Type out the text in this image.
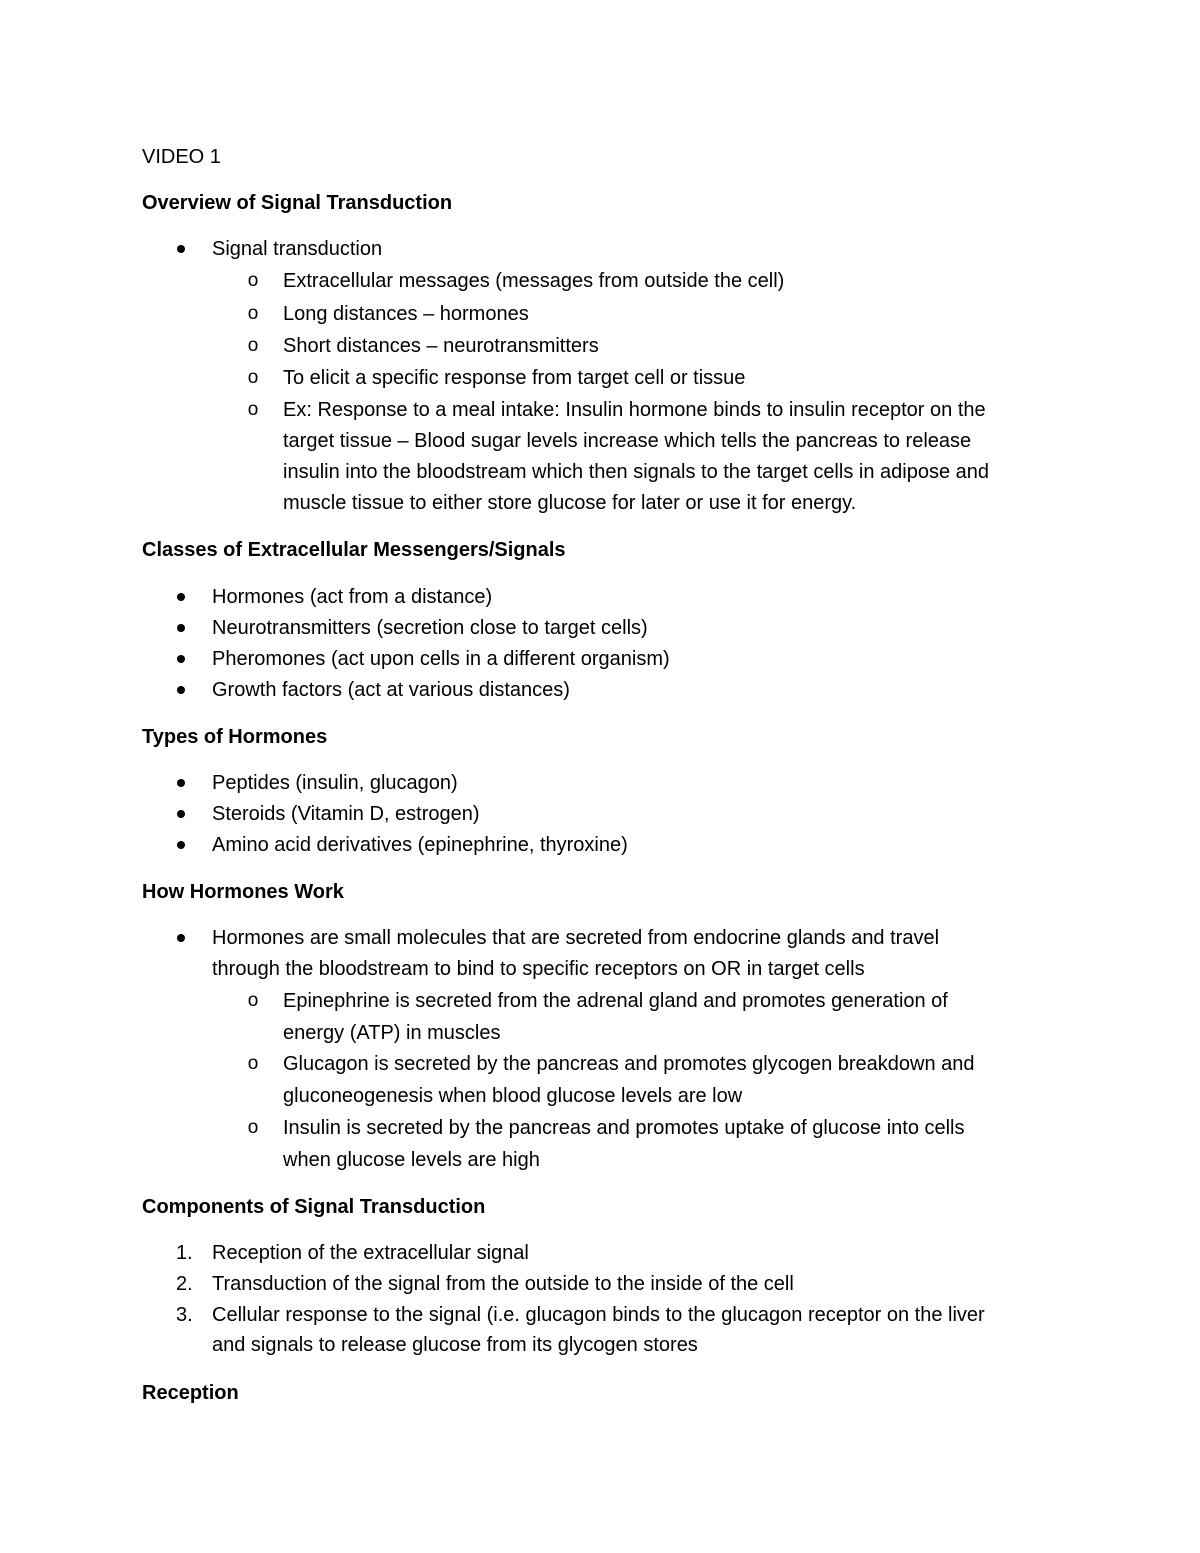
VIDEO 1
Overview of Signal Transduction
Signal transduction
o Extracellular messages (messages from outside the cell)
o Long distances – hormones
o Short distances – neurotransmitters
o To elicit a specific response from target cell or tissue
o Ex: Response to a meal intake: Insulin hormone binds to insulin receptor on the
target tissue – Blood sugar levels increase which tells the pancreas to release
insulin into the bloodstream which then signals to the target cells in adipose and
muscle tissue to either store glucose for later or use it for energy.
Classes of Extracellular Messengers/Signals
Hormones (act from a distance)
Neurotransmitters (secretion close to target cells)
Pheromones (act upon cells in a different organism)
Growth factors (act at various distances)
Types of Hormones
Peptides (insulin, glucagon)
Steroids (Vitamin D, estrogen)
Amino acid derivatives (epinephrine, thyroxine)
How Hormones Work
Hormones are small molecules that are secreted from endocrine glands and travel
through the bloodstream to bind to specific receptors on OR in target cells
o Epinephrine is secreted from the adrenal gland and promotes generation of
energy (ATP) in muscles
o Glucagon is secreted by the pancreas and promotes glycogen breakdown and
gluconeogenesis when blood glucose levels are low
o Insulin is secreted by the pancreas and promotes uptake of glucose into cells
when glucose levels are high
Components of Signal Transduction
1. Reception of the extracellular signal
2. Transduction of the signal from the outside to the inside of the cell
3. Cellular response to the signal (i.e. glucagon binds to the glucagon receptor on the liver
and signals to release glucose from its glycogen stores
Reception
